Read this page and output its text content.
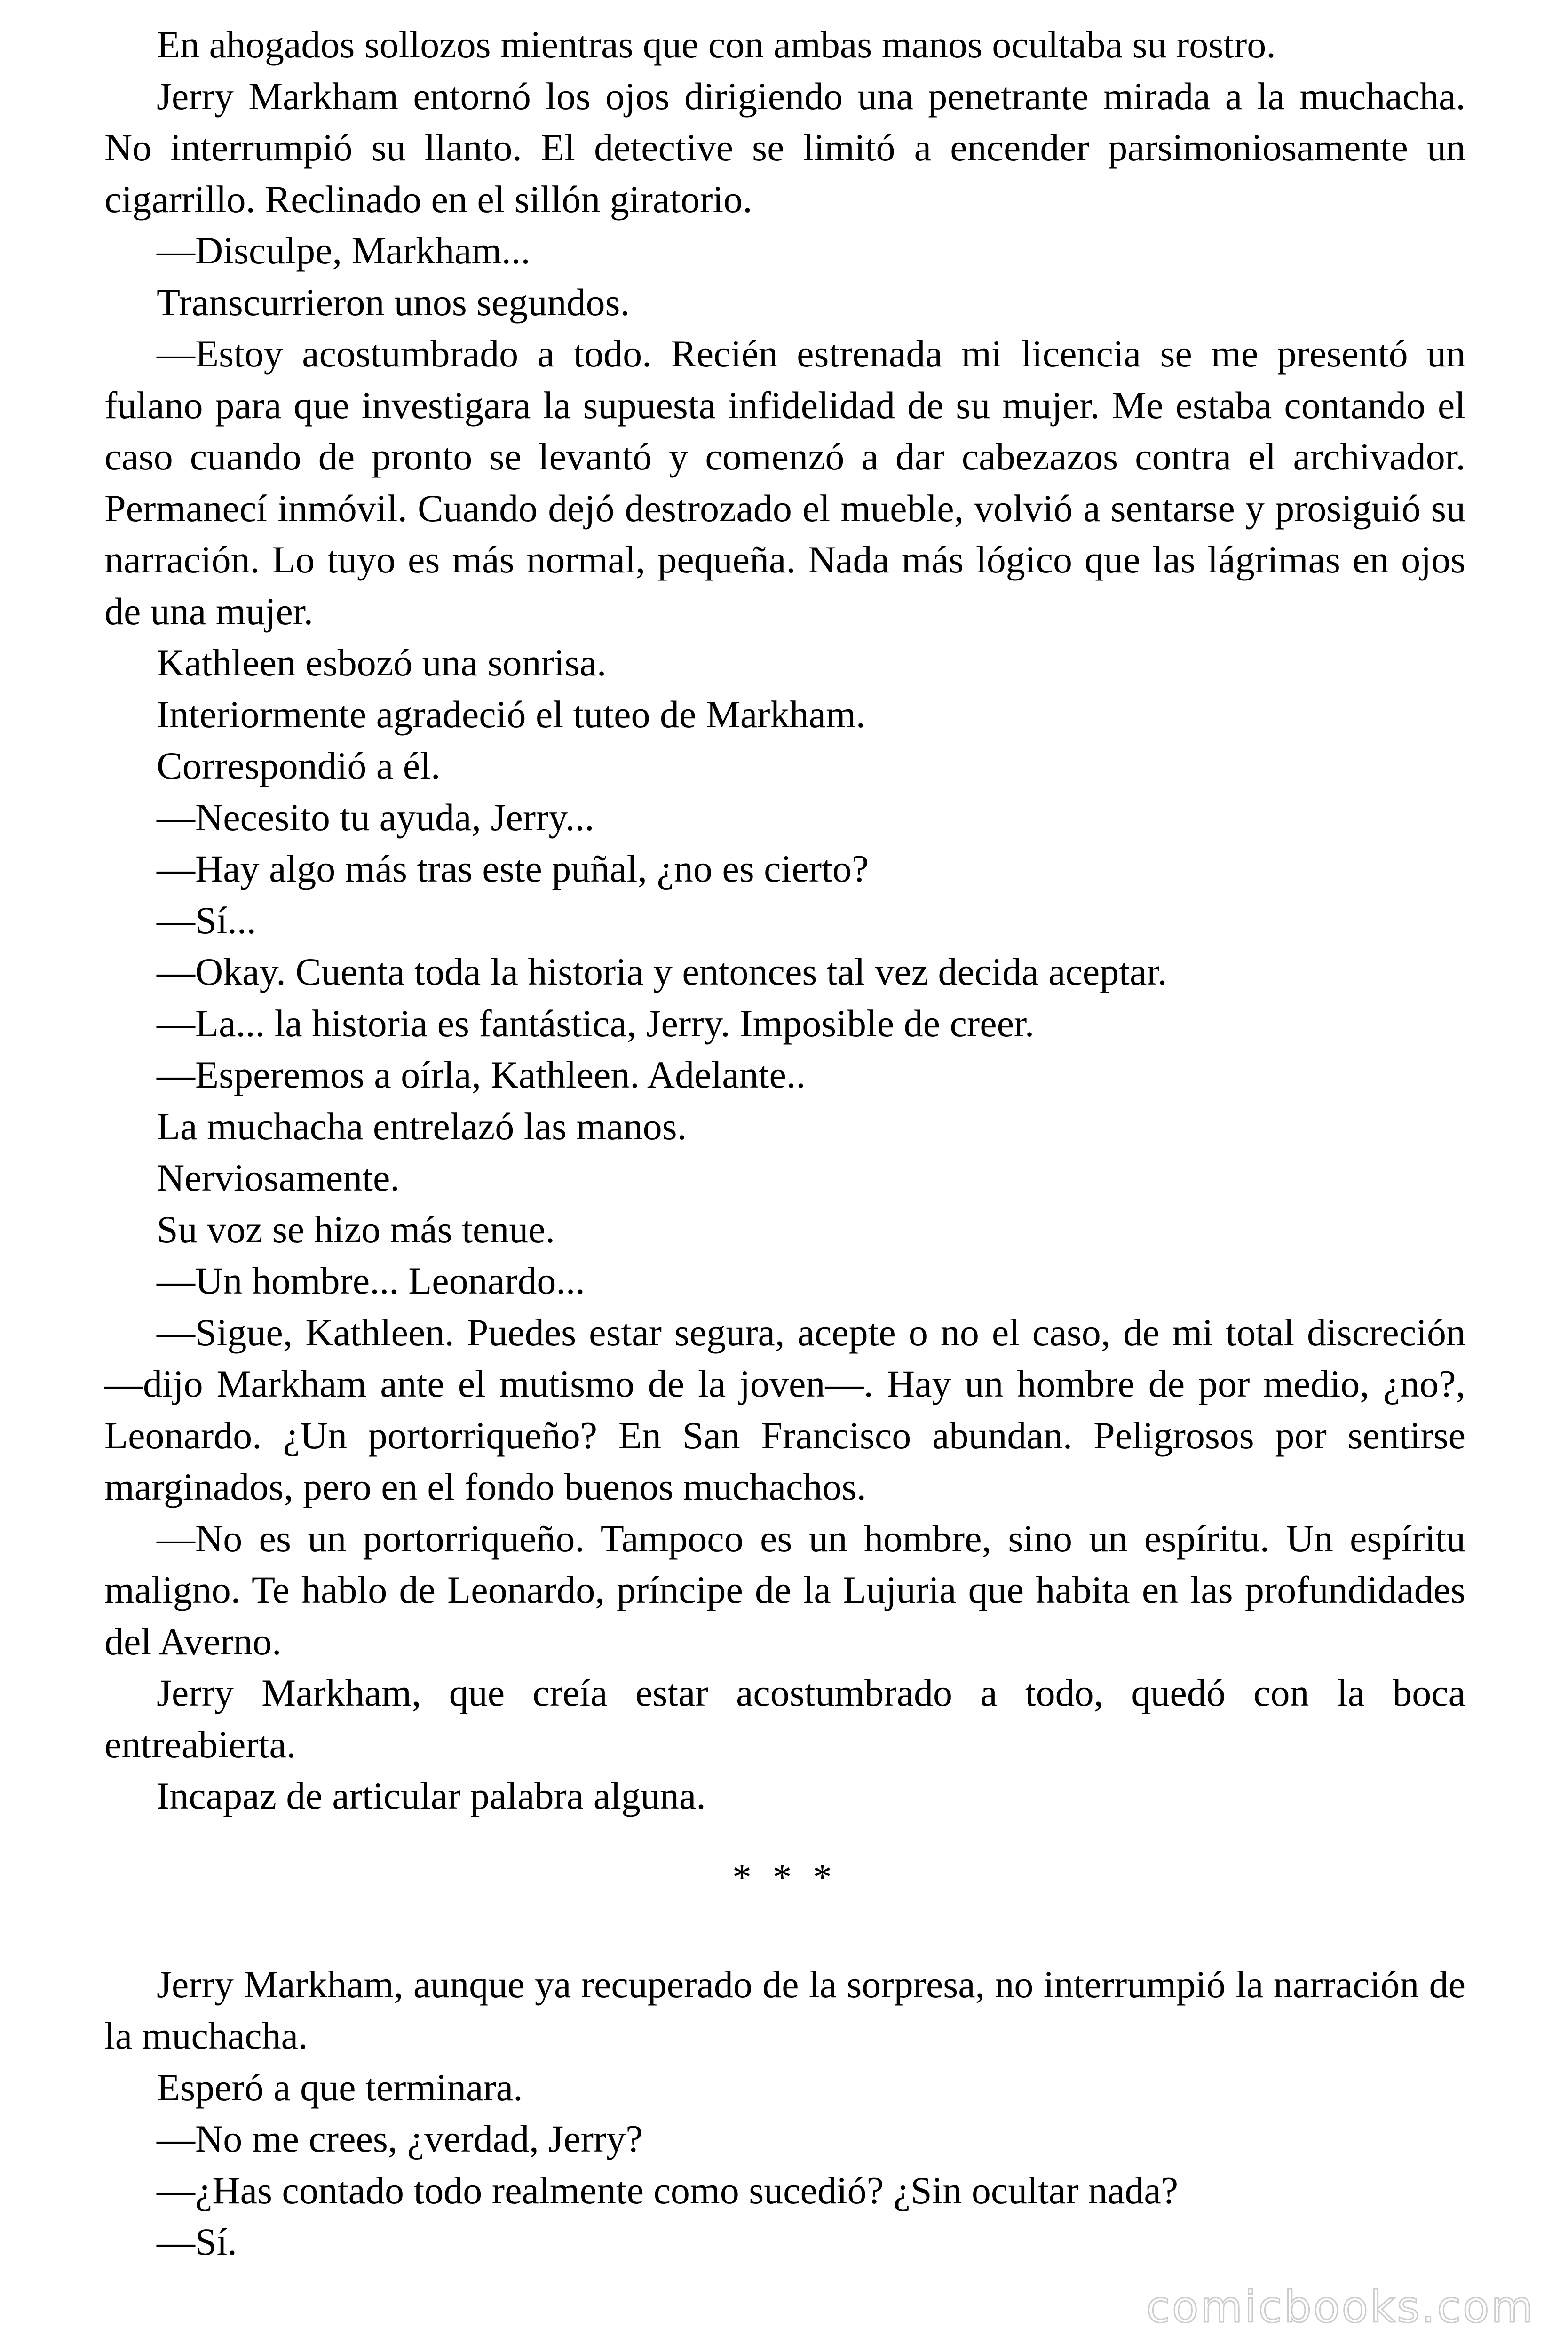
En ahogados sollozos mientras que con ambas manos ocultaba su rostro.

Jerry Markham entornó los ojos dirigiendo una penetrante mirada a la muchacha. No interrumpió su llanto. El detective se limitó a encender parsimoniosamente un cigarrillo. Reclinado en el sillón giratorio.

—Disculpe, Markham...

Transcurrieron unos segundos.

—Estoy acostumbrado a todo. Recién estrenada mi licencia se me presentó un fulano para que investigara la supuesta infidelidad de su mujer. Me estaba contando el caso cuando de pronto se levantó y comenzó a dar cabezazos contra el archivador. Permanecí inmóvil. Cuando dejó destrozado el mueble, volvió a sentarse y prosiguió su narración. Lo tuyo es más normal, pequeña. Nada más lógico que las lágrimas en ojos de una mujer.

Kathleen esbozó una sonrisa.

Interiormente agradeció el tuteo de Markham.

Correspondió a él.

—Necesito tu ayuda, Jerry...

—Hay algo más tras este puñal, ¿no es cierto?

—Sí...

—Okay. Cuenta toda la historia y entonces tal vez decida aceptar.

—La... la historia es fantástica, Jerry. Imposible de creer.

—Esperemos a oírla, Kathleen. Adelante..

La muchacha entrelazó las manos.

Nerviosamente.

Su voz se hizo más tenue.

—Un hombre... Leonardo...

—Sigue, Kathleen. Puedes estar segura, acepte o no el caso, de mi total discreción —dijo Markham ante el mutismo de la joven—. Hay un hombre de por medio, ¿no?, Leonardo. ¿Un portorriqueño? En San Francisco abundan. Peligrosos por sentirse marginados, pero en el fondo buenos muchachos.

—No es un portorriqueño. Tampoco es un hombre, sino un espíritu. Un espíritu maligno. Te hablo de Leonardo, príncipe de la Lujuria que habita en las profundidades del Averno.

Jerry Markham, que creía estar acostumbrado a todo, quedó con la boca entreabierta.

Incapaz de articular palabra alguna.

* * *

Jerry Markham, aunque ya recuperado de la sorpresa, no interrumpió la narración de la muchacha.

Esperó a que terminara.

—No me crees, ¿verdad, Jerry?

—¿Has contado todo realmente como sucedió? ¿Sin ocultar nada?

—Sí.

comicbooks.com
